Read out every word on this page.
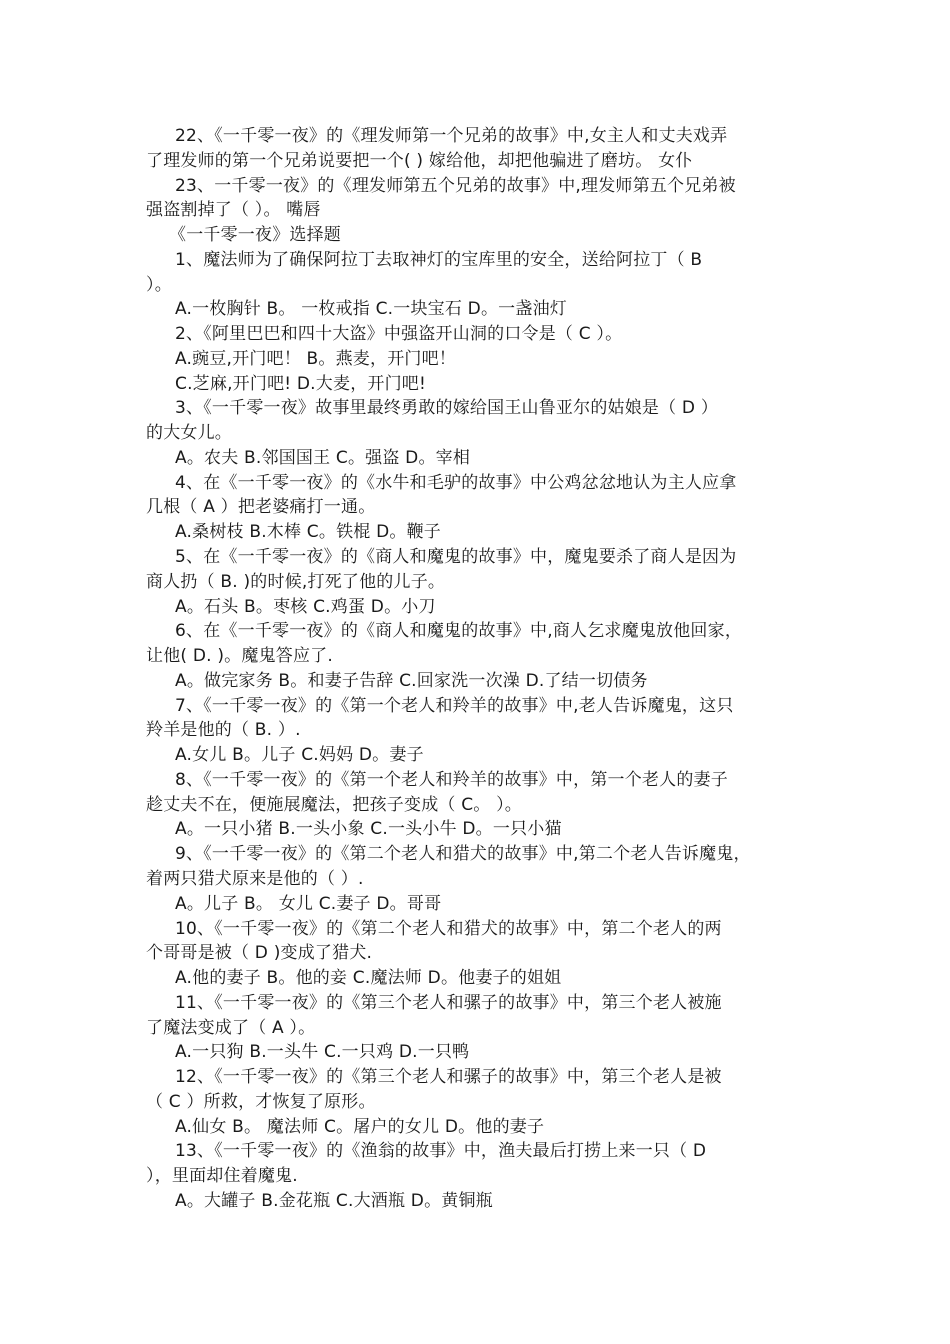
22、《一千零一夜》的《理发师第一个兄弟的故事》中,女主人和丈夫戏弄
了理发师的第一个兄弟说要把一个( ) 嫁给他，却把他骗进了磨坊。 女仆
23、一千零一夜》的《理发师第五个兄弟的故事》中,理发师第五个兄弟被
强盗割掉了（ ）。 嘴唇
《一千零一夜》选择题
1、魔法师为了确保阿拉丁去取神灯的宝库里的安全，送给阿拉丁（ B
）。
A.一枚胸针 B。 一枚戒指 C.一块宝石 D。一盏油灯
2、《阿里巴巴和四十大盗》中强盗开山洞的口令是（ C ）。
A.豌豆,开门吧！ B。燕麦，开门吧！
C.芝麻,开门吧! D.大麦，开门吧!
3、《一千零一夜》故事里最终勇敢的嫁给国王山鲁亚尔的姑娘是（ D ）
的大女儿。
A。农夫 B.邻国国王 C。强盗 D。宰相
4、在《一千零一夜》的《水牛和毛驴的故事》中公鸡忿忿地认为主人应拿
几根（ A ）把老婆痛打一通。
A.桑树枝 B.木棒 C。铁棍 D。鞭子
5、在《一千零一夜》的《商人和魔鬼的故事》中，魔鬼要杀了商人是因为
商人扔（ B. )的时候,打死了他的儿子。
A。石头 B。枣核 C.鸡蛋 D。小刀
6、在《一千零一夜》的《商人和魔鬼的故事》中,商人乞求魔鬼放他回家，
让他( D. )。魔鬼答应了.
A。做完家务 B。和妻子告辞 C.回家洗一次澡 D.了结一切债务
7、《一千零一夜》的《第一个老人和羚羊的故事》中,老人告诉魔鬼，这只
羚羊是他的（ B. ）.
A.女儿 B。儿子 C.妈妈 D。妻子
8、《一千零一夜》的《第一个老人和羚羊的故事》中，第一个老人的妻子
趁丈夫不在，便施展魔法，把孩子变成（ C。 ）。
A。一只小猪 B.一头小象 C.一头小牛 D。一只小猫
9、《一千零一夜》的《第二个老人和猎犬的故事》中,第二个老人告诉魔鬼，
着两只猎犬原来是他的（ ）.
A。儿子 B。 女儿 C.妻子 D。哥哥
10、《一千零一夜》的《第二个老人和猎犬的故事》中，第二个老人的两
个哥哥是被（ D )变成了猎犬.
A.他的妻子 B。他的妾 C.魔法师 D。他妻子的姐姐
11、《一千零一夜》的《第三个老人和骡子的故事》中，第三个老人被施
了魔法变成了（ A ）。
A.一只狗 B.一头牛 C.一只鸡 D.一只鸭
12、《一千零一夜》的《第三个老人和骡子的故事》中，第三个老人是被
（ C ）所救，才恢复了原形。
A.仙女 B。 魔法师 C。屠户的女儿 D。他的妻子
13、《一千零一夜》的《渔翁的故事》中，渔夫最后打捞上来一只（ D
），里面却住着魔鬼.
A。大罐子 B.金花瓶 C.大酒瓶 D。黄铜瓶
